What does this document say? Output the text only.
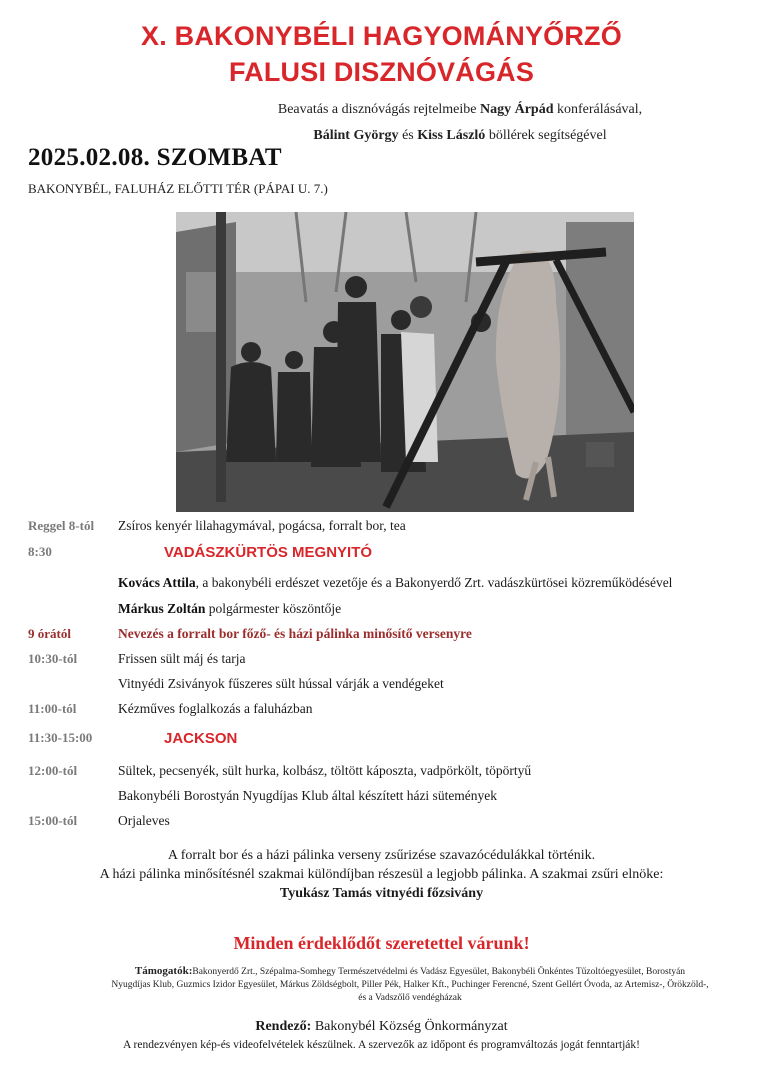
X. BAKONYBÉLI HAGYOMÁNYŐRZŐ
FALUSI DISZNÓVÁGÁS
Beavatás a disznóvágás rejtelmeibe Nagy Árpád konferálásával,
Bálint György és Kiss László böllérek segítségével
2025.02.08. SZOMBAT
BAKONYBÉL, FALUHÁZ ELŐTTI TÉR (PÁPAI U. 7.)
Reggel 8-tól Zsíros kenyér lilahagymával, pogácsa, forralt bor, tea
8:30	VADÁSZKÜRTÖS MEGNYITÓ
Kovács Attila, a bakonybéli erdészet vezetője és a Bakonyerdő Zrt. vadászkürtösei közreműködésével
Márkus Zoltán polgármester köszöntője
9 órától	Nevezés a forralt bor főző- és házi pálinka minősítő versenyre
10:30-tól	Frissen sült máj és tarja
Vitnyédi Zsiványok fűszeres sült hússal várják a vendégeket
11:00-tól	Kézműves foglalkozás a faluházban
11:30-15:00	JACKSON
12:00-tól	Sültek, pecsenyék, sült hurka, kolbász, töltött káposzta, vadpörkölt, töpörtyű
Bakonybéli Borostyán Nyugdíjas Klub által készített házi sütemények
15:00-tól	Orjaleves
A forralt bor és a házi pálinka verseny zsűrizése szavazócédulákkal történik.
A házi pálinka minősítésnél szakmai különdíjban részesül a legjobb pálinka. A szakmai zsűri elnöke:
Tyukász Tamás vitnyédi főzsivány
Minden érdeklődőt szeretettel várunk!
Támogatók:Bakonyerdő Zrt., Szépalma-Somhegy Természetvédelmi és Vadász Egyesület, Bakonybéli Önkéntes Tűzoltóegyesület, Borostyán
Nyugdíjas Klub, Guzmics Izidor Egyesület, Márkus Zöldségbolt, Piller Pék, Halker Kft., Puchinger Ferencné, Szent Gellért Óvoda, az Artemisz-, Örökzöld-,
és a Vadszőlő vendégházak
Rendező: Bakonybél Község Önkormányzat
A rendezvényen kép-és videofelvételek készülnek. A szervezők az időpont és programváltozás jogát fenntartják!
